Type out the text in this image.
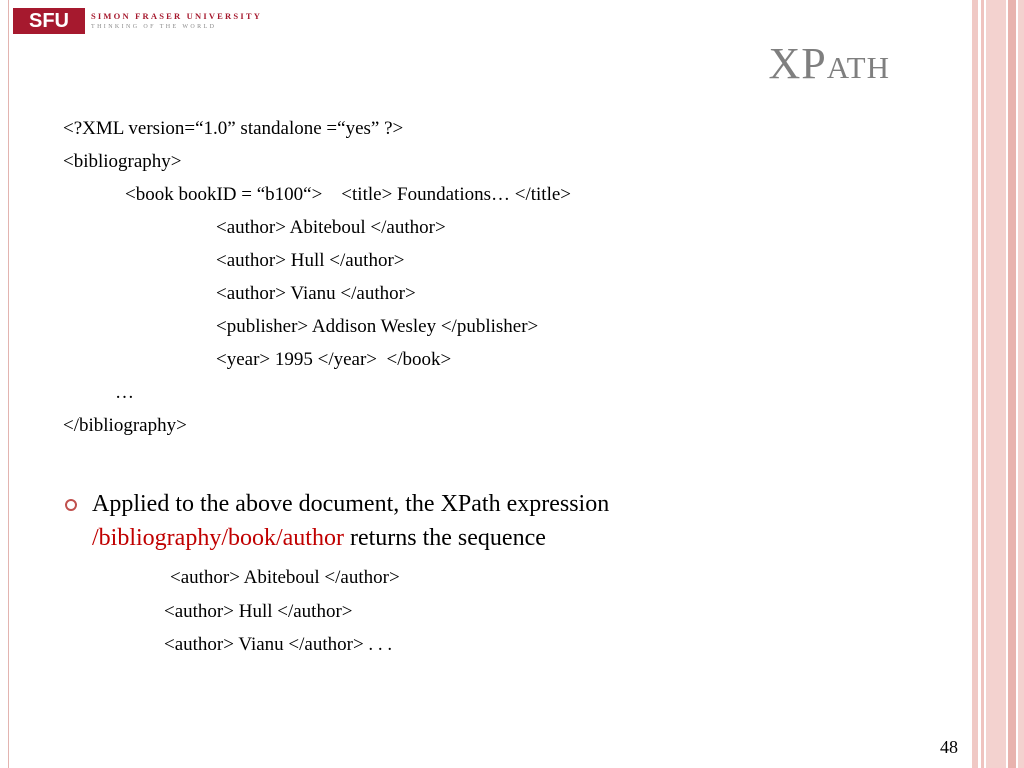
SFU	SIMON FRASER UNIVERSITY
THINKING OF THE WORLD
XPath
<?XML version=“1.0” standalone =“yes” ?>
<bibliography>
<book bookID = “b100“>    <title> Foundations… </title>
<author> Abiteboul </author>
<author> Hull </author>
<author> Vianu </author>
<publisher> Addison Wesley </publisher>
<year> 1995 </year>  </book>
…
</bibliography>
Applied to the above document, the XPath expression
/bibliography/book/author returns the sequence
<author> Abiteboul </author>
<author> Hull </author>
<author> Vianu </author> . . .
48
